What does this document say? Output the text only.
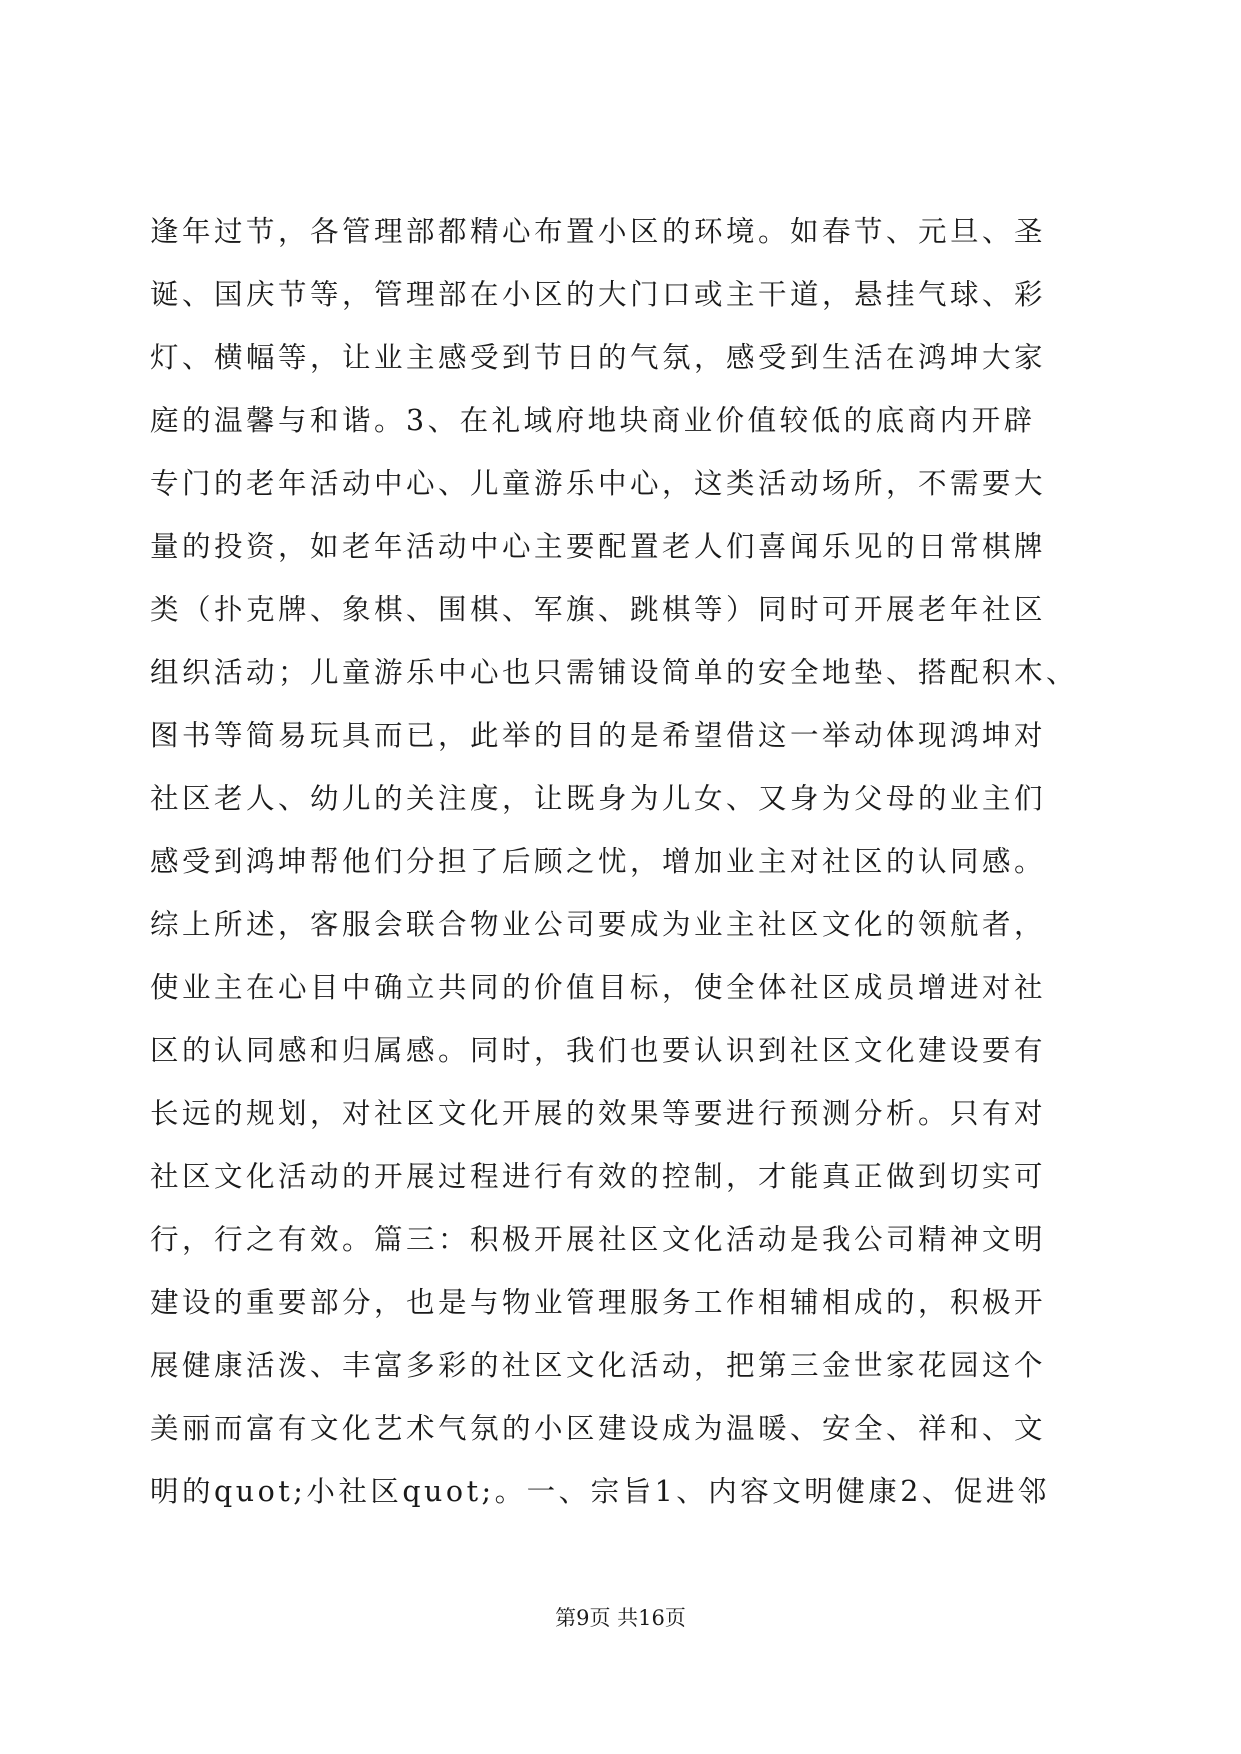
逢年过节，各管理部都精心布置小区的环境。如春节、元旦、圣
诞、国庆节等，管理部在小区的大门口或主干道，悬挂气球、彩
灯、横幅等，让业主感受到节日的气氛，感受到生活在鸿坤大家
庭的温馨与和谐。3、在礼域府地块商业价值较低的底商内开辟
专门的老年活动中心、儿童游乐中心，这类活动场所，不需要大
量的投资，如老年活动中心主要配置老人们喜闻乐见的日常棋牌
类（扑克牌、象棋、围棋、军旗、跳棋等）同时可开展老年社区
组织活动；儿童游乐中心也只需铺设简单的安全地垫、搭配积木、
图书等简易玩具而已，此举的目的是希望借这一举动体现鸿坤对
社区老人、幼儿的关注度，让既身为儿女、又身为父母的业主们
感受到鸿坤帮他们分担了后顾之忧，增加业主对社区的认同感。
综上所述，客服会联合物业公司要成为业主社区文化的领航者，
使业主在心目中确立共同的价值目标，使全体社区成员增进对社
区的认同感和归属感。同时，我们也要认识到社区文化建设要有
长远的规划，对社区文化开展的效果等要进行预测分析。只有对
社区文化活动的开展过程进行有效的控制，才能真正做到切实可
行，行之有效。篇三：积极开展社区文化活动是我公司精神文明
建设的重要部分，也是与物业管理服务工作相辅相成的，积极开
展健康活泼、丰富多彩的社区文化活动，把第三金世家花园这个
美丽而富有文化艺术气氛的小区建设成为温暖、安全、祥和、文
明的quot;小社区quot;。一、宗旨1、内容文明健康2、促进邻
第9页 共16页
